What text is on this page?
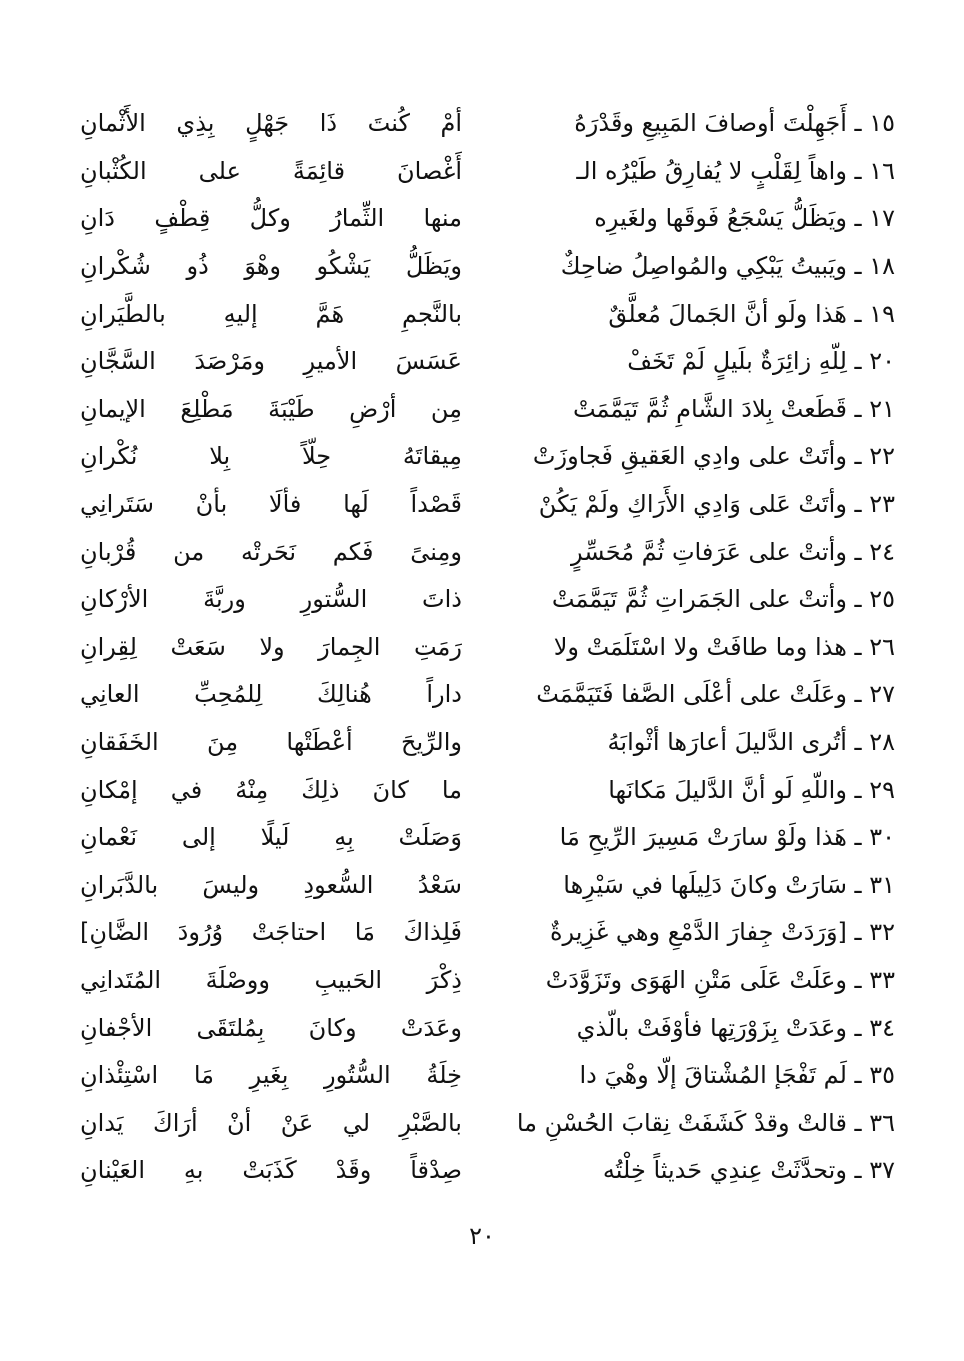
١٥ ـ أَجَهِلْتَ أوصافَ المَبِيعِ وقَدْرَهُ
أمْ كُنتَ ذَا جَهْلٍ بِذِي الأَثْمانِ
١٦ ـ واهاً لِقَلْبٍ لا يُفارِقُ طَيْرُه الـ
أَغْصانَ قائِمَةً على الكُثْبانِ
١٧ ـ ويَظَلُّ يَسْجَعُ فَوقَها ولغَيرِه
منها الثِّمارُ وكلُّ قِطْفٍ دَانِ
١٨ ـ ويَبيتُ يَبْكِي والمُواصِلُ ضاحِكٌ
ويَظَلُّ يَشْكُو وهْوَ ذُو شُكْرانِ
١٩ ـ هَذا ولَو أنَّ الجَمالَ مُعلَّقٌ
بالنَّجمِ هَمَّ إليهِ بالطَّيَرانِ
٢٠ ـ لِلّهِ زائِرَةٌ بلَيلٍ لَمْ تَخَفْ
عَسَسَ الأميرِ ومَرْصَدَ السَّجَّانِ
٢١ ـ قَطَعتْ بِلادَ الشَّامِ ثُمَّ تَيَمَّمَتْ
مِن أرْضِ طَيْبَةَ مَطْلِعَ الإيمانِ
٢٢ ـ وأتَتْ على وادِي العَقيقِ فَجاوزَتْ
مِيقاتَهُ حِلّاً بِلا نُكْرانِ
٢٣ ـ وأتَتْ عَلى وَادِي الأَرَاكِ ولَمْ يَكُنْ
قَصْداً لَها فألَا بأنْ سَتَرانِي
٢٤ ـ وأتتْ على عَرَفاتِ ثُمَّ مُحَسِّرٍ
ومِنىً فَكم نَحَرتْه من قُرْبانِ
٢٥ ـ وأتتْ على الجَمَراتِ ثُمَّ تَيَمَّمَتْ
ذاتَ السُّتورِ وربَّةَ الأرْكانِ
٢٦ ـ هذا وما طافَتْ ولا اسْتَلَمَتْ ولا
رَمَتِ الجِمارَ ولا سَعَتْ لِقِرانِ
٢٧ ـ وعَلَتْ على أعْلَى الصَّفا فَتَيَمَّمَتْ
داراً هُنالِكَ لِلمُحِبِّ العانِي
٢٨ ـ أتُرى الدَّليلَ أعارَها أثْوابَهُ
والرِّيحَ أعْطَتْها مِنَ الخَفَقانِ
٢٩ ـ واللّهِ لَو أنَّ الدَّليلَ مَكانَها
ما كانَ ذلِكَ مِنْهُ في إمْكانِ
٣٠ ـ هَذا ولَوْ سارَتْ مَسِيرَ الرِّيحِ مَا
وَصَلَتْ بِهِ لَيلًا إلى نَعْمانِ
٣١ ـ سَارَتْ وكانَ دَلِيلَها في سَيْرِها
سَعْدُ السُّعودِ وليسَ بالدَّبَرانِ
٣٢ ـ [وَرَدَتْ جِفارَ الدَّمْعِ وهي غَزِيرةٌ
فَلِذاكَ مَا احتاجَتْ وُرُودَ الضَّانِ]
٣٣ ـ وعَلَتْ عَلَى مَتْنِ الهَوَى وتَزَوَّدَتْ
ذِكْرَ الحَبيبِ ووصْلَةَ المُتَدانِي
٣٤ ـ وعَدَتْ بِزَوْرَتِها فأوْفَتْ بالّذي
وعَدَتْ وكانَ بِمُلتَقَى الأجْفانِ
٣٥ ـ لَم تَفْجَإ المُشْتاقَ إلّا وهْيَ دا
خِلَةُ السُّتُورِ بِغَيرِ مَا اسْتِئْذانِ
٣٦ ـ قالتْ وقدْ كَشَفَتْ نِقابَ الحُسْنِ ما
بالصَّبْرِ لي عَنْ أنْ أرَاكَ يَدانِ
٣٧ ـ وتحدَّثَتْ عِندِي حَديثاً خِلْتُه
صِدْقاً وقَدْ كَذَبَتْ بهِ العَيْنانِ
٢٠
